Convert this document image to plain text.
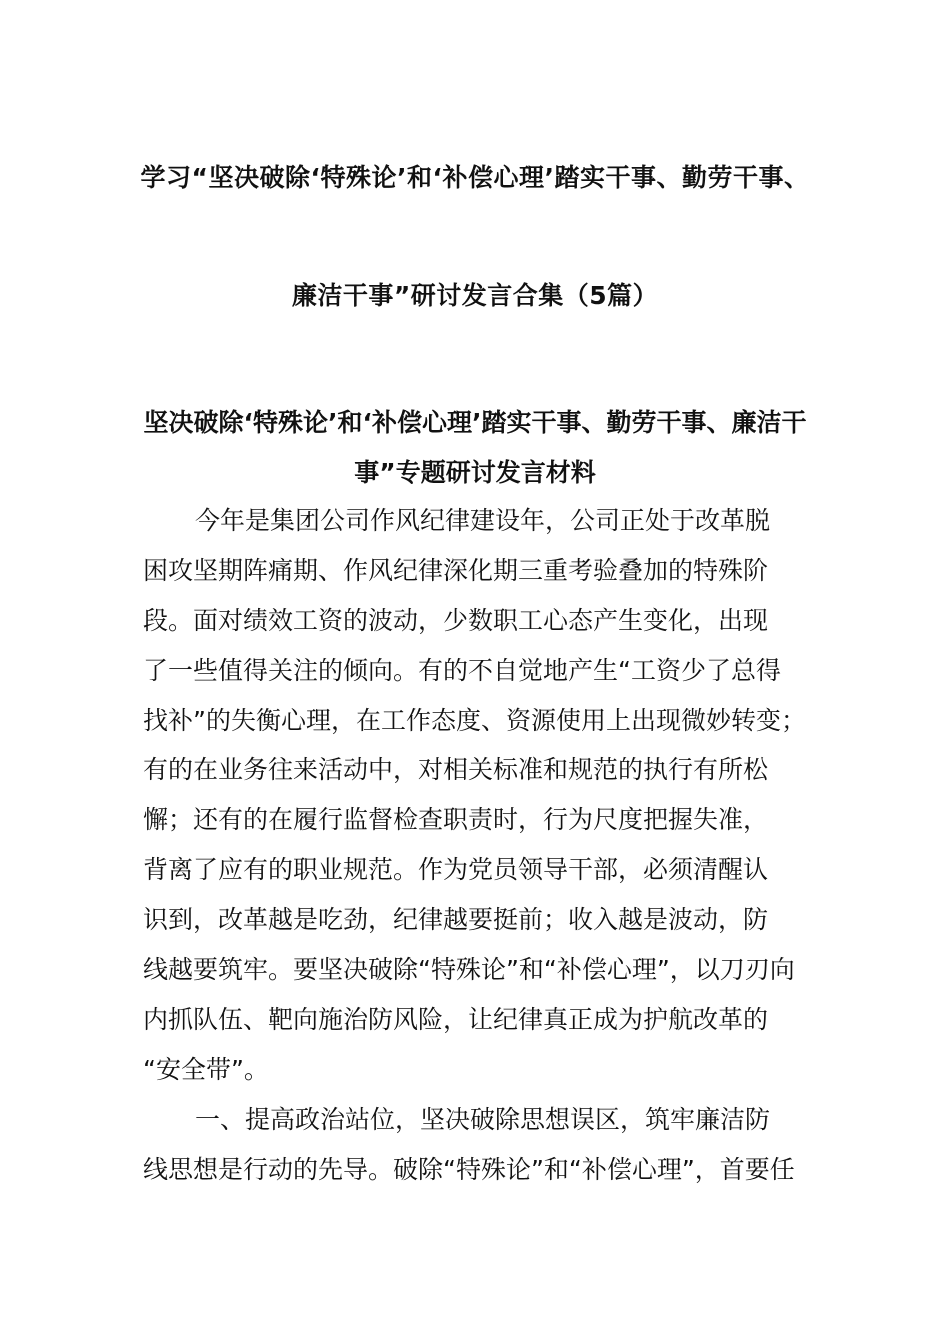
学习“坚决破除‘特殊论’和‘补偿心理’踏实干事、勤劳干事、
廉洁干事”研讨发言合集（5篇）
坚决破除‘特殊论’和‘补偿心理’踏实干事、勤劳干事、廉洁干
事”专题研讨发言材料
今年是集团公司作风纪律建设年，公司正处于改革脱
困攻坚期阵痛期、作风纪律深化期三重考验叠加的特殊阶
段。面对绩效工资的波动，少数职工心态产生变化，出现
了一些值得关注的倾向。有的不自觉地产生“工资少了总得
找补”的失衡心理，在工作态度、资源使用上出现微妙转变；
有的在业务往来活动中，对相关标准和规范的执行有所松
懈；还有的在履行监督检查职责时，行为尺度把握失准，
背离了应有的职业规范。作为党员领导干部，必须清醒认
识到，改革越是吃劲，纪律越要挺前；收入越是波动，防
线越要筑牢。要坚决破除“特殊论”和“补偿心理”，以刀刃向
内抓队伍、靶向施治防风险，让纪律真正成为护航改革的
“安全带”。
一、提高政治站位，坚决破除思想误区，筑牢廉洁防
线思想是行动的先导。破除“特殊论”和“补偿心理”，首要任
